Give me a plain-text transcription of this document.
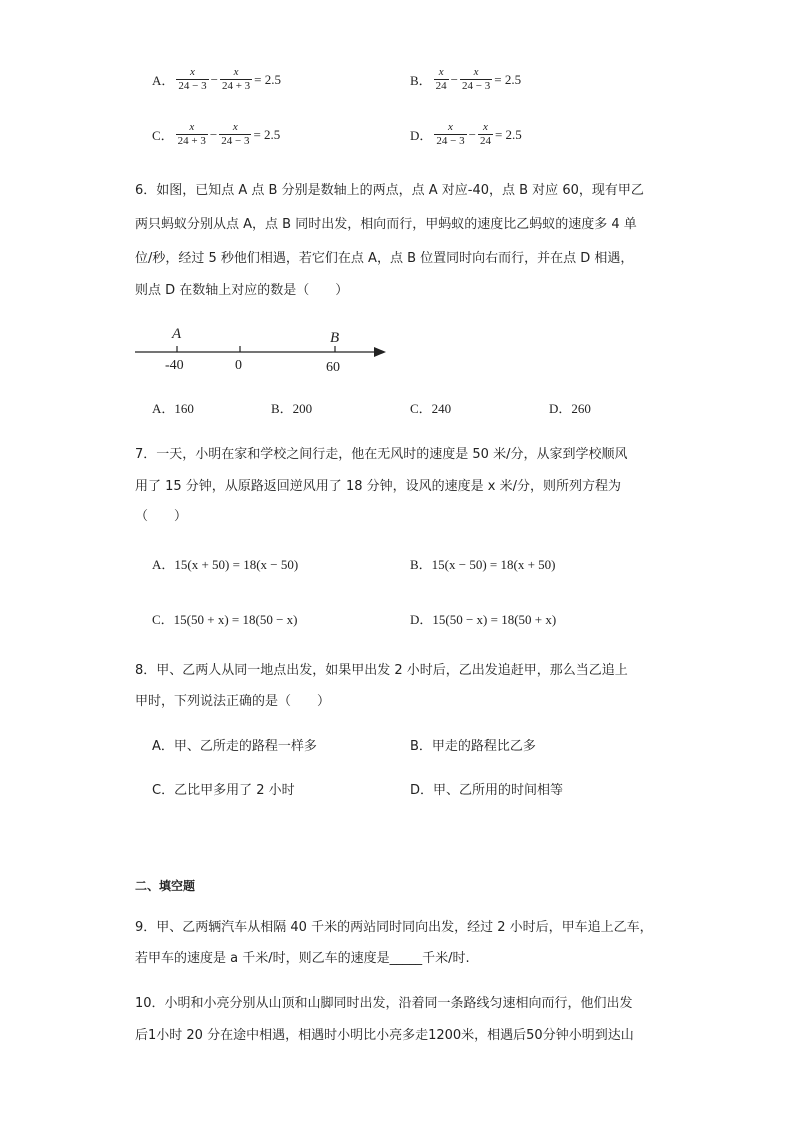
A． $\frac{x}{24 - 3} - \frac{x}{24 + 3} = 2.5$	B． $\frac{x}{24} - \frac{x}{24 - 3} = 2.5$
C． $\frac{x}{24 + 3} - \frac{x}{24 - 3} = 2.5$	D． $\frac{x}{24 - 3} - \frac{x}{24} = 2.5$
6．如图，已知点 A 点 B 分别是数轴上的两点，点 A 对应-40，点 B 对应 60，现有甲乙
两只蚂蚁分别从点 A，点 B 同时出发，相向而行，甲蚂蚁的速度比乙蚂蚁的速度多 4 单
位/秒，经过 5 秒他们相遇，若它们在点 A，点 B 位置同时向右而行，并在点 D 相遇，
则点 D 在数轴上对应的数是（　　）
A	B
-40	0	60
A．160	B．200	C．240	D．260
7．一天，小明在家和学校之间行走，他在无风时的速度是 50 米/分，从家到学校顺风
用了 15 分钟，从原路返回逆风用了 18 分钟，设风的速度是 x 米/分，则所列方程为
（　　）
A．15(x + 50) = 18(x − 50)	B．15(x − 50) = 18(x + 50)
C．15(50 + x) = 18(50 − x)	D．15(50 − x) = 18(50 + x)
8．甲、乙两人从同一地点出发，如果甲出发 2 小时后，乙出发追赶甲，那么当乙追上
甲时，下列说法正确的是（　　）
A．甲、乙所走的路程一样多	B．甲走的路程比乙多
C．乙比甲多用了 2 小时	D．甲、乙所用的时间相等
二、填空题
9．甲、乙两辆汽车从相隔 40 千米的两站同时同向出发，经过 2 小时后，甲车追上乙车，
若甲车的速度是 a 千米/时，则乙车的速度是_____千米/时.
10．小明和小亮分别从山顶和山脚同时出发，沿着同一条路线匀速相向而行，他们出发
后1小时 20 分在途中相遇，相遇时小明比小亮多走1200米，相遇后50分钟小明到达山
